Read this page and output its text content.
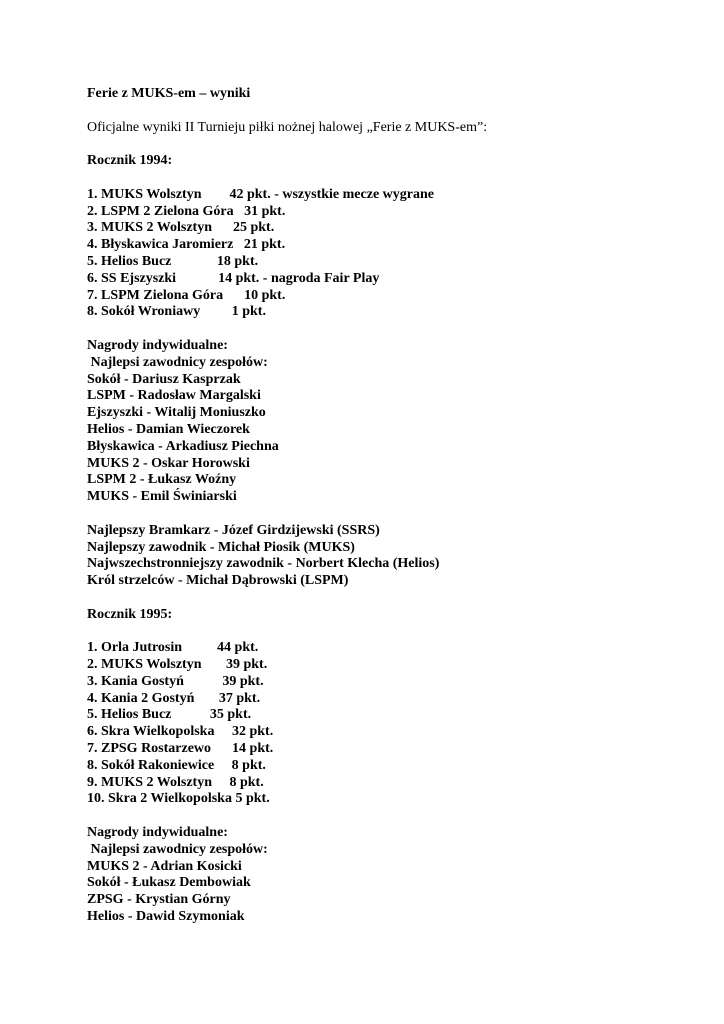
Ferie z MUKS-em – wyniki
Oficjalne wyniki II Turnieju piłki nożnej halowej „Ferie z MUKS-em”:
Rocznik 1994:
1. MUKS Wolsztyn        42 pkt. - wszystkie mecze wygrane
2. LSPM 2 Zielona Góra   31 pkt.
3. MUKS 2 Wolsztyn      25 pkt.
4. Błyskawica Jaromierz   21 pkt.
5. Helios Bucz             18 pkt.
6. SS Ejszyszki            14 pkt. - nagroda Fair Play
7. LSPM Zielona Góra      10 pkt.
8. Sokół Wroniawy         1 pkt.
Nagrody indywidualne:
Najlepsi zawodnicy zespołów:
Sokół - Dariusz Kasprzak
LSPM - Radosław Margalski
Ejszyszki - Witalij Moniuszko
Helios - Damian Wieczorek
Błyskawica - Arkadiusz Piechna
MUKS 2 - Oskar Horowski
LSPM 2 - Łukasz Woźny
MUKS - Emil Świniarski
Najlepszy Bramkarz - Józef Girdzijewski (SSRS)
Najlepszy zawodnik - Michał Piosik (MUKS)
Najwszechstronniejszy zawodnik - Norbert Klecha (Helios)
Król strzelców - Michał Dąbrowski (LSPM)
Rocznik 1995:
1. Orla Jutrosin          44 pkt.
2. MUKS Wolsztyn       39 pkt.
3. Kania Gostyń           39 pkt.
4. Kania 2 Gostyń       37 pkt.
5. Helios Bucz           35 pkt.
6. Skra Wielkopolska     32 pkt.
7. ZPSG Rostarzewo      14 pkt.
8. Sokół Rakoniewice     8 pkt.
9. MUKS 2 Wolsztyn     8 pkt.
10. Skra 2 Wielkopolska 5 pkt.
Nagrody indywidualne:
Najlepsi zawodnicy zespołów:
MUKS 2 - Adrian Kosicki
Sokół - Łukasz Dembowiak
ZPSG - Krystian Górny
Helios - Dawid Szymoniak
